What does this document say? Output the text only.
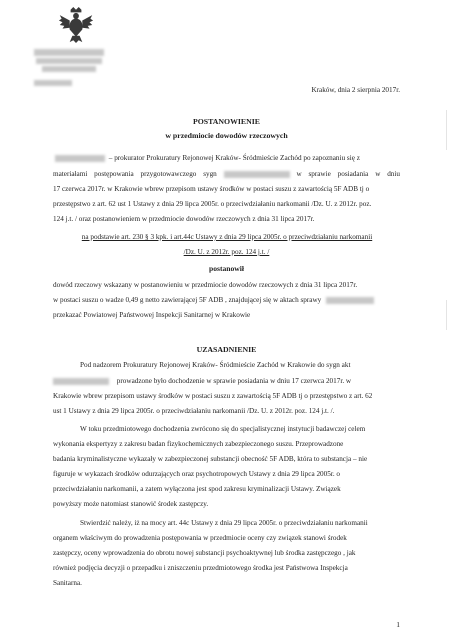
Kraków, dnia 2 sierpnia 2017r.
POSTANOWIENIE
w przedmiocie dowodów rzeczowych
– prokurator Prokuratury Rejonowej Kraków- Śródmieście Zachód po zapoznaniu się z
materiałami postępowania przygotowawczego sygn	w sprawie posiadania w dniu
17 czerwca 2017r. w Krakowie wbrew przepisom ustawy środków w postaci suszu z zawartością 5F ADB tj o
przestępstwo z art. 62 ust 1 Ustawy z dnia 29 lipca 2005r. o przeciwdziałaniu narkomanii /Dz. U. z 2012r. poz.
124 j.t. / oraz postanowieniem w przedmiocie dowodów rzeczowych z dnia 31 lipca 2017r.
na podstawie art. 230 § 3 kpk. i art.44c Ustawy z dnia 29 lipca 2005r. o przeciwdziałaniu narkomanii
/Dz. U. z 2012r. poz. 124 j.t. /
postanowił
dowód rzeczowy wskazany w postanowieniu w przedmiocie dowodów rzeczowych z dnia 31 lipca 2017r.
w postaci suszu o wadze 0,49 g netto zawierającej 5F ADB , znajdującej się w aktach sprawy
przekazać Powiatowej Państwowej Inspekcji Sanitarnej w Krakowie
UZASADNIENIE
Pod nadzorem Prokuratury Rejonowej Kraków- Śródmieście Zachód w Krakowie do sygn akt
prowadzone było dochodzenie w sprawie posiadania w dniu 17 czerwca 2017r. w
Krakowie wbrew przepisom ustawy środków w postaci suszu z zawartością 5F ADB tj o przestępstwo z art. 62
ust 1 Ustawy z dnia 29 lipca 2005r. o przeciwdziałaniu narkomanii /Dz. U. z 2012r. poz. 124 j.t. /.
W toku przedmiotowego dochodzenia zwrócono się do specjalistycznej instytucji badawczej celem
wykonania ekspertyzy z zakresu badan fizykochemicznych zabezpieczonego suszu. Przeprowadzone
badania kryminalistyczne wykazały w zabezpieczonej substancji obecność 5F ADB, która to substancja – nie
figuruje w wykazach środków odurzających oraz psychotropowych Ustawy z dnia 29 lipca 2005r. o
przeciwdziałaniu narkomanii, a zatem wyłączona jest spod zakresu kryminalizacji Ustawy. Związek
powyższy może natomiast stanowić środek zastępczy.
Stwierdzić należy, iż na mocy art. 44c Ustawy z dnia 29 lipca 2005r. o przeciwdziałaniu narkomanii
organem właściwym do prowadzenia postępowania w przedmiocie oceny czy związek stanowi środek
zastępczy, oceny wprowadzenia do obrotu nowej substancji psychoaktywnej lub środka zastępczego , jak
również podjęcia decyzji o przepadku i zniszczeniu przedmiotowego środka jest Państwowa Inspekcja
Sanitarna.
1
